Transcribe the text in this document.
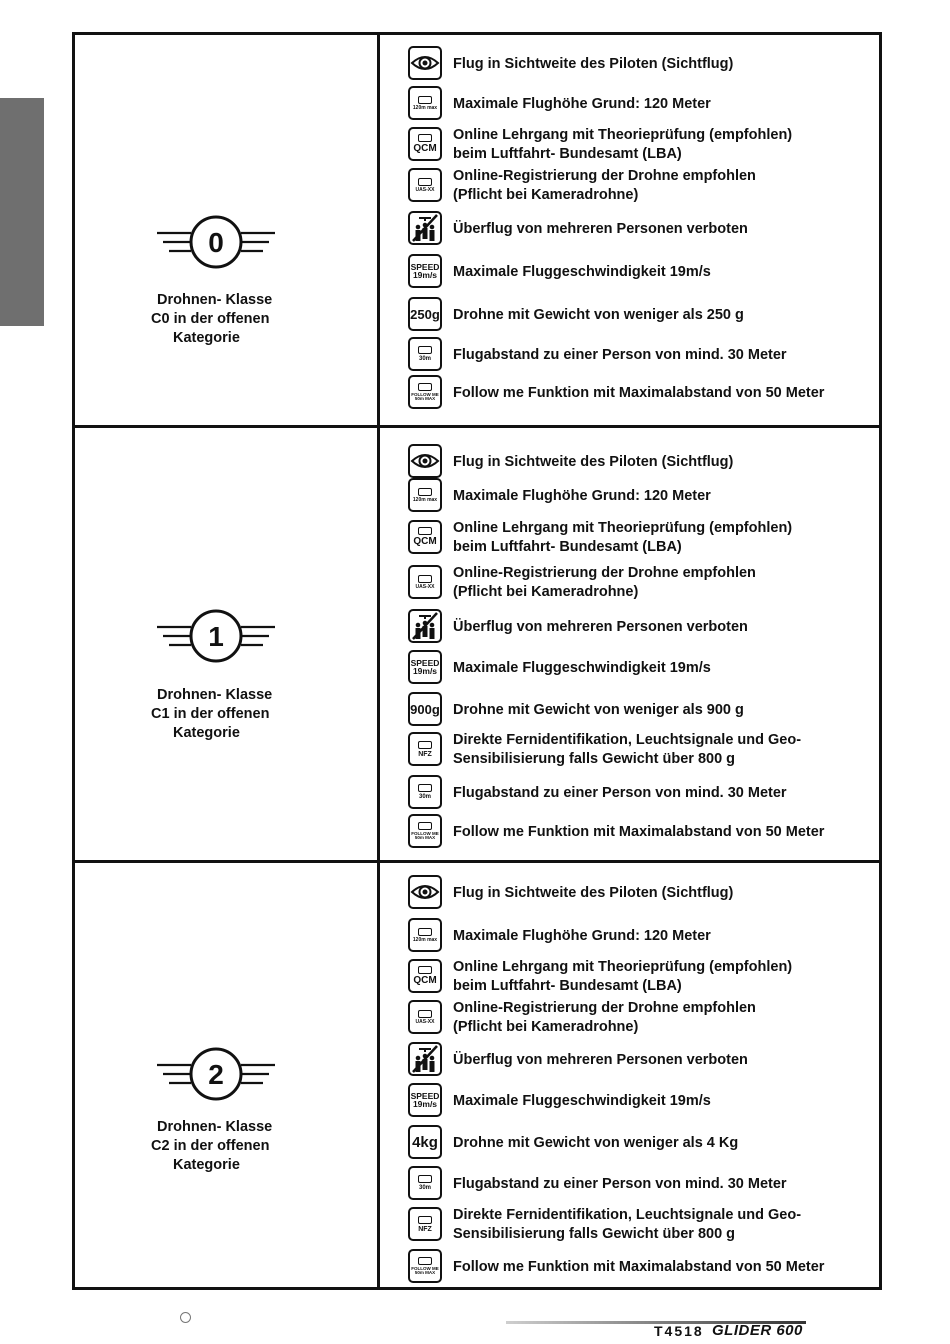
0
Drohnen- Klasse
C0 in der offenen
Kategorie
Flug in Sichtweite des Piloten (Sichtflug)
120m max Maximale Flughöhe Grund: 120 Meter
QCM
Online Lehrgang mit Theorieprüfung (empfohlen)
beim Luftfahrt- Bundesamt (LBA)
UAS-XX
Online-Registrierung der Drohne empfohlen
(Pflicht bei Kameradrohne)
Überflug von mehreren Personen verboten
SPEED
19m/s Maximale Fluggeschwindigkeit 19m/s
250g Drohne mit Gewicht von weniger als 250 g
30m Flugabstand zu einer Person von mind. 30 Meter
FOLLOW ME
50m MAX Follow me Funktion mit Maximalabstand von 50 Meter
1
Drohnen- Klasse
C1 in der offenen
Kategorie
Flug in Sichtweite des Piloten (Sichtflug)
120m max Maximale Flughöhe Grund: 120 Meter
QCM
Online Lehrgang mit Theorieprüfung (empfohlen)
beim Luftfahrt- Bundesamt (LBA)
UAS-XX
Online-Registrierung der Drohne empfohlen
(Pflicht bei Kameradrohne)
Überflug von mehreren Personen verboten
SPEED
19m/s Maximale Fluggeschwindigkeit 19m/s
900g Drohne mit Gewicht von weniger als 900 g
NFZ
Direkte Fernidentifikation, Leuchtsignale und Geo-
Sensibilisierung falls Gewicht über 800 g
30m Flugabstand zu einer Person von mind. 30 Meter
FOLLOW ME
50m MAX Follow me Funktion mit Maximalabstand von 50 Meter
2
Drohnen- Klasse
C2 in der offenen
Kategorie
Flug in Sichtweite des Piloten (Sichtflug)
120m max Maximale Flughöhe Grund: 120 Meter
QCM
Online Lehrgang mit Theorieprüfung (empfohlen)
beim Luftfahrt- Bundesamt (LBA)
UAS-XX
Online-Registrierung der Drohne empfohlen
(Pflicht bei Kameradrohne)
Überflug von mehreren Personen verboten
SPEED
19m/s Maximale Fluggeschwindigkeit 19m/s
4kg Drohne mit Gewicht von weniger als 4 Kg
30m Flugabstand zu einer Person von mind. 30 Meter
NFZ
Direkte Fernidentifikation, Leuchtsignale und Geo-
Sensibilisierung falls Gewicht über 800 g
FOLLOW ME
50m MAX Follow me Funktion mit Maximalabstand von 50 Meter
T4518 GLIDER 600
